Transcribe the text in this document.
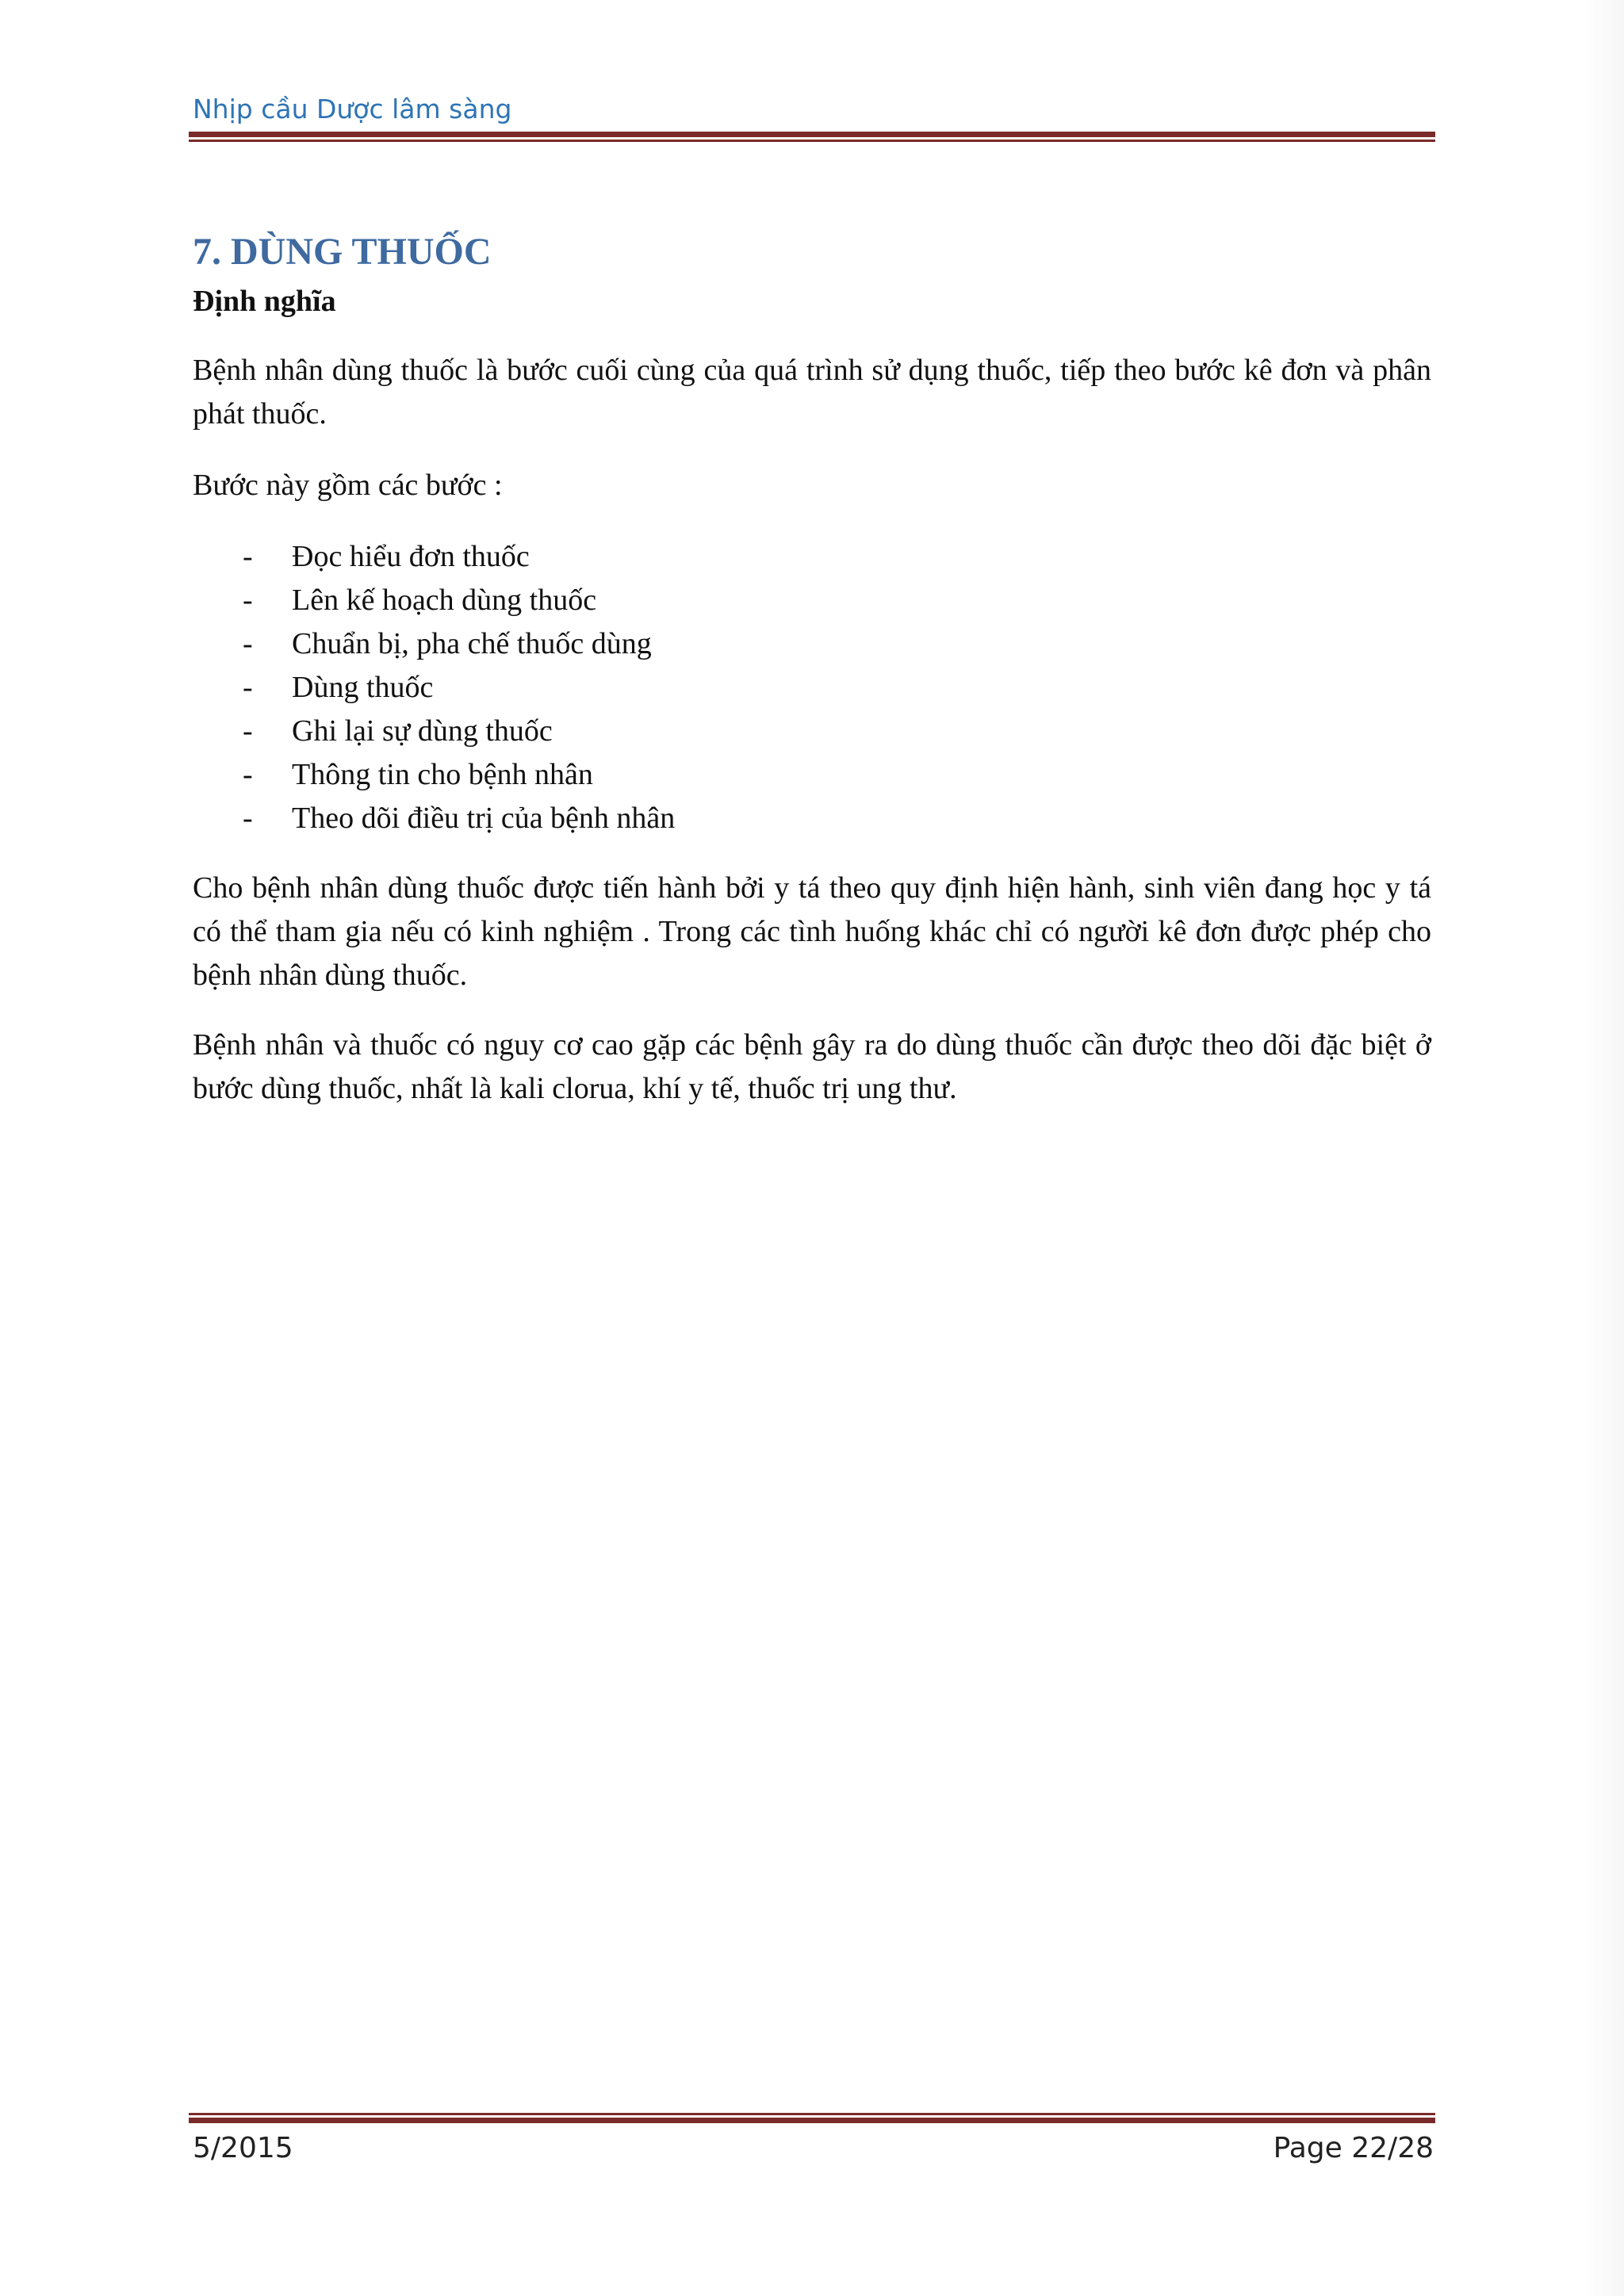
Nhịp cầu Dược lâm sàng
7. DÙNG THUỐC
Định nghĩa

Bệnh nhân dùng thuốc là bước cuối cùng của quá trình sử dụng thuốc, tiếp theo bước kê đơn và phân phát thuốc.

Bước này gồm các bước :

- Đọc hiểu đơn thuốc
- Lên kế hoạch dùng thuốc
- Chuẩn bị, pha chế thuốc dùng
- Dùng thuốc
- Ghi lại sự dùng thuốc
- Thông tin cho bệnh nhân
- Theo dõi điều trị của bệnh nhân

Cho bệnh nhân dùng thuốc được tiến hành bởi y tá theo quy định hiện hành, sinh viên đang học y tá có thể tham gia nếu có kinh nghiệm . Trong các tình huống khác chỉ có người kê đơn được phép cho bệnh nhân dùng thuốc.

Bệnh nhân và thuốc có nguy cơ cao gặp các bệnh gây ra do dùng thuốc cần được theo dõi đặc biệt ở bước dùng thuốc, nhất là kali clorua, khí y tế, thuốc trị ung thư.

5/2015	Page 22/28
